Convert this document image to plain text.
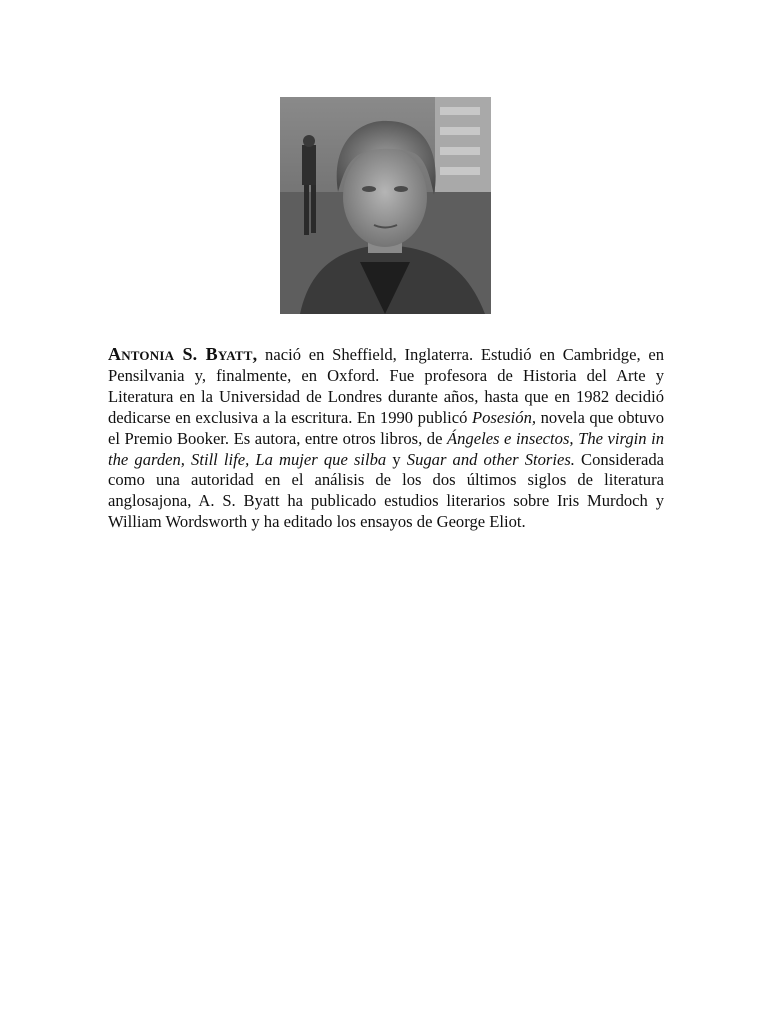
Antonia S. Byatt, nació en Sheffield, Inglaterra. Estudió en Cambridge, en Pensilvania y, finalmente, en Oxford. Fue profesora de Historia del Arte y Literatura en la Universidad de Londres durante años, hasta que en 1982 decidió dedicarse en exclusiva a la escritura. En 1990 publicó Posesión, novela que obtuvo el Premio Booker. Es autora, entre otros libros, de Ángeles e insectos, The virgin in the garden, Still life, La mujer que silba y Sugar and other Stories. Considerada como una autoridad en el análisis de los dos últimos siglos de literatura anglosajona, A. S. Byatt ha publicado estudios literarios sobre Iris Murdoch y William Wordsworth y ha editado los ensayos de George Eliot.
